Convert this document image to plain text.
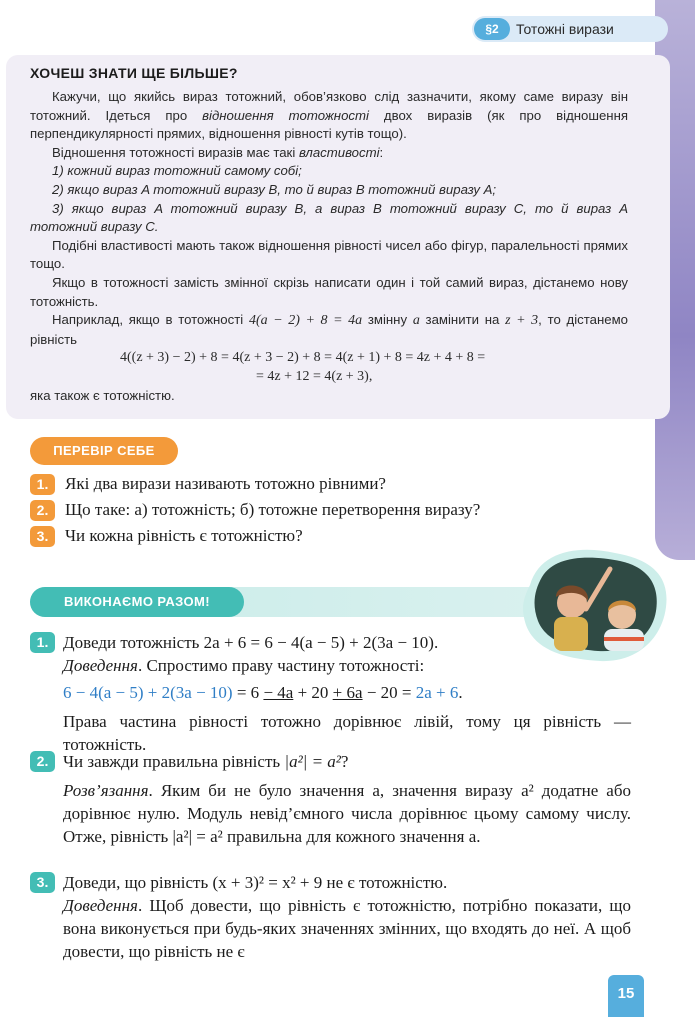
§2	Тотожні вирази
ХОЧЕШ ЗНАТИ ЩЕ БІЛЬШЕ?

Кажучи, що якийсь вираз тотожний, обов’язково слід зазначити, якому саме виразу він тотожний. Ідеться про відношення тотожності двох виразів (як про відношення перпендикулярності прямих, відношення рівності кутів тощо).

Відношення тотожності виразів має такі властивості:

1) кожний вираз тотожний самому собі;

2) якщо вираз A тотожний виразу B, то й вираз B тотожний виразу A;

3) якщо вираз A тотожний виразу B, а вираз B тотожний виразу C, то й вираз A тотожний виразу C.

Подібні властивості мають також відношення рівності чисел або фігур, паралельності прямих тощо.

Якщо в тотожності замість змінної скрізь написати один і той самий вираз, дістанемо нову тотожність.

Наприклад, якщо в тотожності 4(a − 2) + 8 = 4a змінну a замінити на z + 3, то дістанемо рівність

4((z + 3) − 2) + 8 = 4(z + 3 − 2) + 8 = 4(z + 1) + 8 = 4z + 4 + 8 =

= 4z + 12 = 4(z + 3),

яка також є тотожністю.

ПЕРЕВІР СЕБЕ
1. Які два вирази називають тотожно рівними?
2. Що таке: а) тотожність; б) тотожне перетворення виразу?
3. Чи кожна рівність є тотожністю?
ВИКОНАЄМО РАЗОМ!
1. Доведи тотожність 2a + 6 = 6 − 4(a − 5) + 2(3a − 10).

Доведення. Спростимо праву частину тотожності:

6 − 4(a − 5) + 2(3a − 10) = 6 − 4a + 20 + 6a − 20 = 2a + 6.

Права частина рівності тотожно дорівнює лівій, тому ця рівність — тотожність.

2. Чи завжди правильна рівність |a²| = a²?

Розв’язання. Яким би не було значення a, значення виразу a² додатне або дорівнює нулю. Модуль невід’ємного числа дорівнює цьому самому числу. Отже, рівність |a²| = a² правильна для кожного значення a.

3. Доведи, що рівність (x + 3)² = x² + 9 не є тотожністю.

Доведення. Щоб довести, що рівність є тотожністю, потрібно показати, що вона виконується при будь-яких значеннях змінних, що входять до неї. А щоб довести, що рівність не є

15
